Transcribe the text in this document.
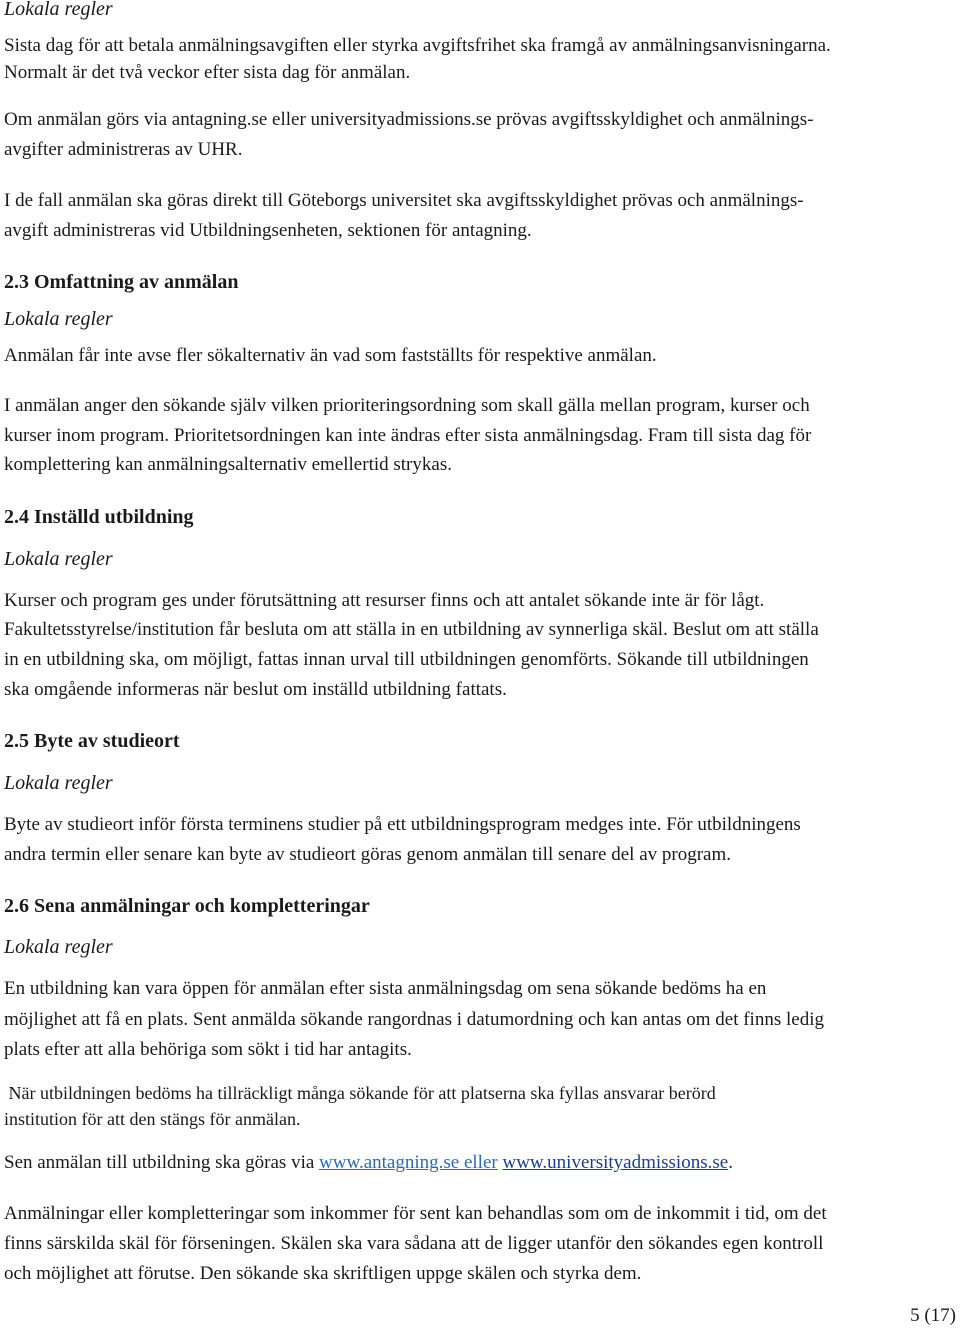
Lokala regler
Sista dag för att betala anmälningsavgiften eller styrka avgiftsfrihet ska framgå av anmälningsanvisningarna.
Normalt är det två veckor efter sista dag för anmälan.
Om anmälan görs via antagning.se eller universityadmissions.se prövas avgiftsskyldighet och anmälnings-
avgifter administreras av UHR.
I de fall anmälan ska göras direkt till Göteborgs universitet ska avgiftsskyldighet prövas och anmälnings-
avgift administreras vid Utbildningsenheten, sektionen för antagning.
2.3 Omfattning av anmälan
Lokala regler
Anmälan får inte avse fler sökalternativ än vad som fastställts för respektive anmälan.
I anmälan anger den sökande själv vilken prioriteringsordning som skall gälla mellan program, kurser och
kurser inom program. Prioritetsordningen kan inte ändras efter sista anmälningsdag. Fram till sista dag för
komplettering kan anmälningsalternativ emellertid strykas.
2.4 Inställd utbildning
Lokala regler
Kurser och program ges under förutsättning att resurser finns och att antalet sökande inte är för lågt.
Fakultetsstyrelse/institution får besluta om att ställa in en utbildning av synnerliga skäl. Beslut om att ställa
in en utbildning ska, om möjligt, fattas innan urval till utbildningen genomförts. Sökande till utbildningen
ska omgående informeras när beslut om inställd utbildning fattats.
2.5 Byte av studieort
Lokala regler
Byte av studieort inför första terminens studier på ett utbildningsprogram medges inte. För utbildningens
andra termin eller senare kan byte av studieort göras genom anmälan till senare del av program.
2.6 Sena anmälningar och kompletteringar
Lokala regler
En utbildning kan vara öppen för anmälan efter sista anmälningsdag om sena sökande bedöms ha en
möjlighet att få en plats. Sent anmälda sökande rangordnas i datumordning och kan antas om det finns ledig
plats efter att alla behöriga som sökt i tid har antagits.
När utbildningen bedöms ha tillräckligt många sökande för att platserna ska fyllas ansvarar berörd
institution för att den stängs för anmälan.
Sen anmälan till utbildning ska göras via www.antagning.se eller www.universityadmissions.se.
Anmälningar eller kompletteringar som inkommer för sent kan behandlas som om de inkommit i tid, om det
finns särskilda skäl för förseningen. Skälen ska vara sådana att de ligger utanför den sökandes egen kontroll
och möjlighet att förutse. Den sökande ska skriftligen uppge skälen och styrka dem.
5 (17)
